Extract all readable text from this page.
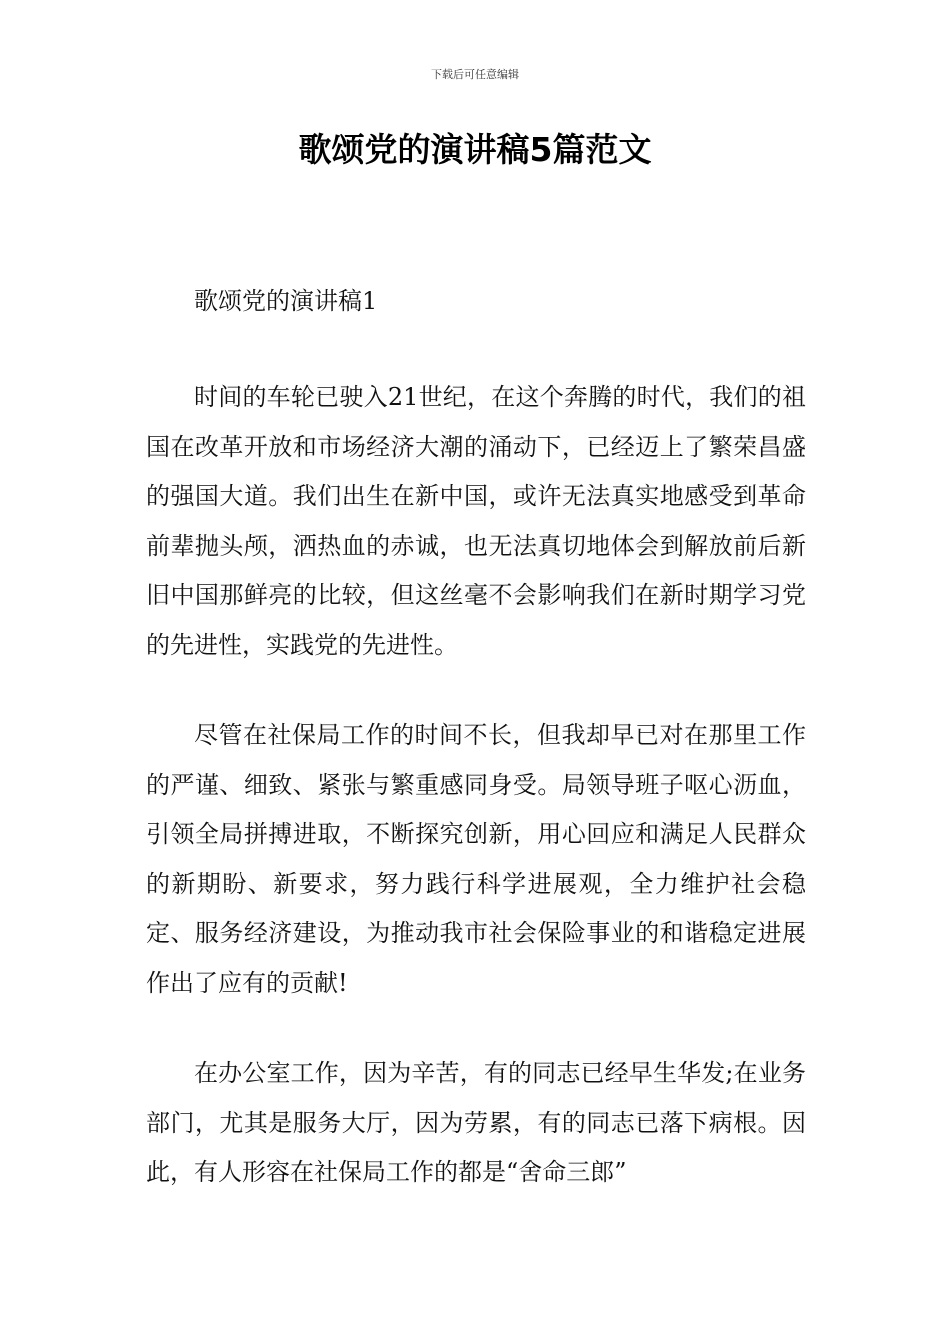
下载后可任意编辑
歌颂党的演讲稿5篇范文

歌颂党的演讲稿1

时间的车轮已驶入21世纪，在这个奔腾的时代，我们的祖国在改革开放和市场经济大潮的涌动下，已经迈上了繁荣昌盛的强国大道。我们出生在新中国，或许无法真实地感受到革命前辈抛头颅，洒热血的赤诚，也无法真切地体会到解放前后新旧中国那鲜亮的比较，但这丝毫不会影响我们在新时期学习党的先进性，实践党的先进性。

尽管在社保局工作的时间不长，但我却早已对在那里工作的严谨、细致、紧张与繁重感同身受。局领导班子呕心沥血，引领全局拼搏进取，不断探究创新，用心回应和满足人民群众的新期盼、新要求，努力践行科学进展观，全力维护社会稳定、服务经济建设，为推动我市社会保险事业的和谐稳定进展作出了应有的贡献!

在办公室工作，因为辛苦，有的同志已经早生华发;在业务部门，尤其是服务大厅，因为劳累，有的同志已落下病根。因此，有人形容在社保局工作的都是“舍命三郎”
